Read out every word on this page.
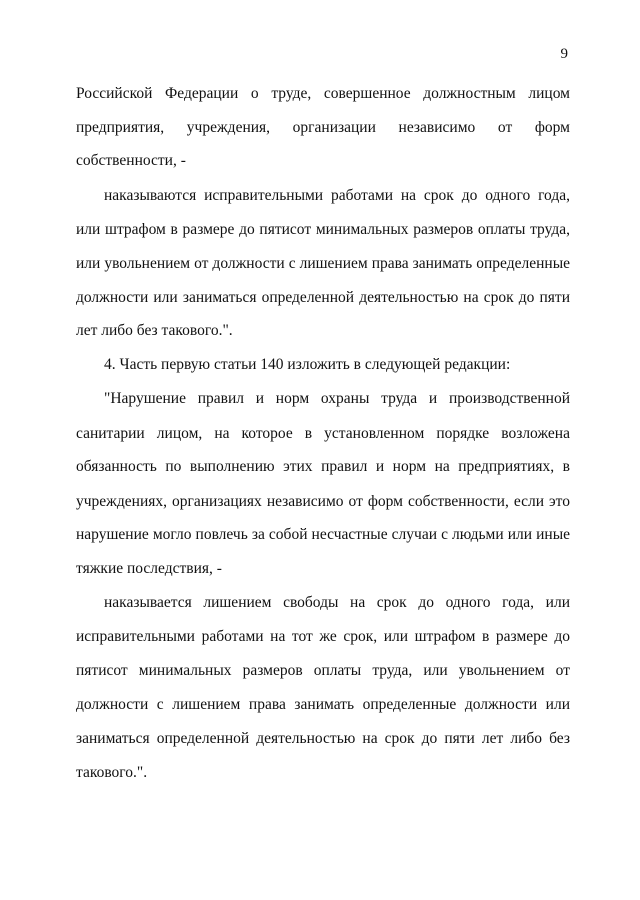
9
Российской Федерации о труде, совершенное должностным лицом
предприятия, учреждения, организации независимо от форм
собственности, -
наказываются исправительными работами на срок до одного года,
или штрафом в размере до пятисот минимальных размеров оплаты труда,
или увольнением от должности с лишением права занимать определенные
должности или заниматься определенной деятельностью на срок до пяти
лет либо без такового.".
4. Часть первую статьи 140 изложить в следующей редакции:
"Нарушение правил и норм охраны труда и производственной
санитарии лицом, на которое в установленном порядке возложена
обязанность по выполнению этих правил и норм на предприятиях, в
учреждениях, организациях независимо от форм собственности, если это
нарушение могло повлечь за собой несчастные случаи с людьми или иные
тяжкие последствия, -
наказывается лишением свободы на срок до одного года, или
исправительными работами на тот же срок, или штрафом в размере до
пятисот минимальных размеров оплаты труда, или увольнением от
должности с лишением права занимать определенные должности или
заниматься определенной деятельностью на срок до пяти лет либо без
такового.".
